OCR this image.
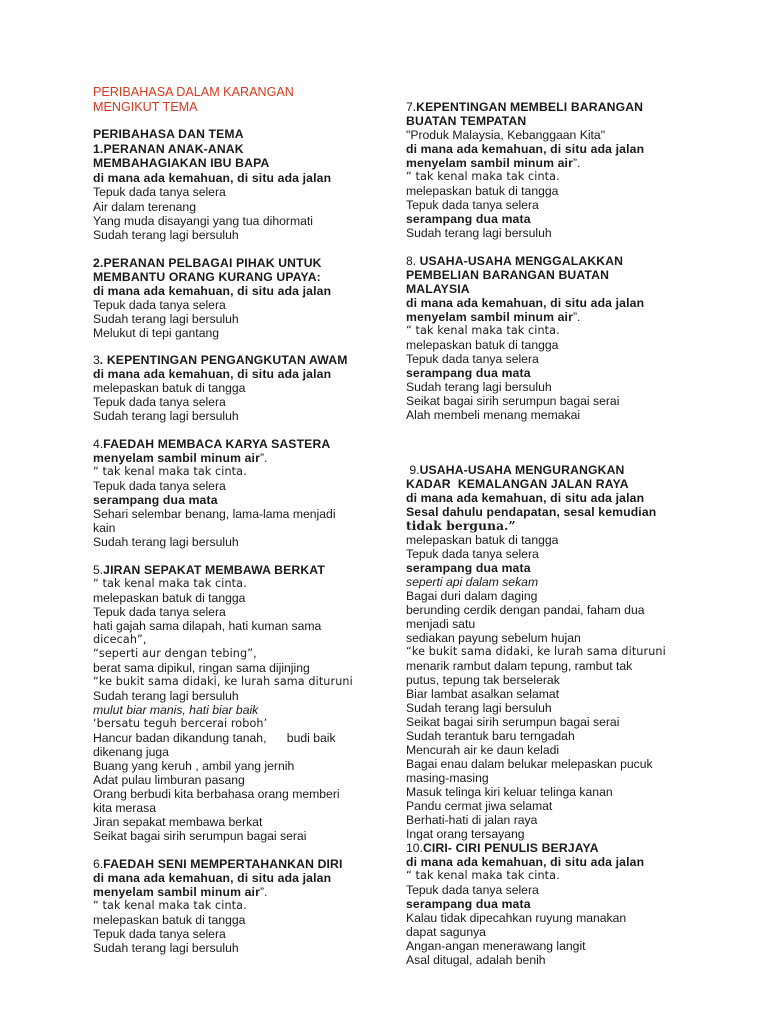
PERIBAHASA DALAM KARANGAN
MENGIKUT TEMA
PERIBAHASA DAN TEMA
1.PERANAN ANAK-ANAK
MEMBAHAGIAKAN IBU BAPA
di mana ada kemahuan, di situ ada jalan
Tepuk dada tanya selera
Air dalam terenang
Yang muda disayangi yang tua dihormati
Sudah terang lagi bersuluh
2.PERANAN PELBAGAI PIHAK UNTUK
MEMBANTU ORANG KURANG UPAYA:
di mana ada kemahuan, di situ ada jalan
Tepuk dada tanya selera
Sudah terang lagi bersuluh
Melukut di tepi gantang
3. KEPENTINGAN PENGANGKUTAN AWAM
di mana ada kemahuan, di situ ada jalan
melepaskan batuk di tangga
Tepuk dada tanya selera
Sudah terang lagi bersuluh
4.FAEDAH MEMBACA KARYA SASTERA
menyelam sambil minum air”.
“ tak kenal maka tak cinta.
Tepuk dada tanya selera
serampang dua mata
Sehari selembar benang, lama-lama menjadi
kain
Sudah terang lagi bersuluh
5.JIRAN SEPAKAT MEMBAWA BERKAT
“ tak kenal maka tak cinta.
melepaskan batuk di tangga
Tepuk dada tanya selera
hati gajah sama dilapah, hati kuman sama
dicecah”,
“seperti aur dengan tebing”,
berat sama dipikul, ringan sama dijinjing
“ke bukit sama didaki, ke lurah sama dituruni
Sudah terang lagi bersuluh
mulut biar manis, hati biar baik
‘bersatu teguh bercerai roboh’
Hancur badan dikandung tanah,      budi baik
dikenang juga
Buang yang keruh , ambil yang jernih
Adat pulau limburan pasang
Orang berbudi kita berbahasa orang memberi
kita merasa
Jiran sepakat membawa berkat
Seikat bagai sirih serumpun bagai serai
6.FAEDAH SENI MEMPERTAHANKAN DIRI
di mana ada kemahuan, di situ ada jalan
menyelam sambil minum air”.
“ tak kenal maka tak cinta.
melepaskan batuk di tangga
Tepuk dada tanya selera
Sudah terang lagi bersuluh
7.KEPENTINGAN MEMBELI BARANGAN
BUATAN TEMPATAN
"Produk Malaysia, Kebanggaan Kita"
di mana ada kemahuan, di situ ada jalan
menyelam sambil minum air”.
“ tak kenal maka tak cinta.
melepaskan batuk di tangga
Tepuk dada tanya selera
serampang dua mata
Sudah terang lagi bersuluh
8. USAHA-USAHA MENGGALAKKAN
PEMBELIAN BARANGAN BUATAN
MALAYSIA
di mana ada kemahuan, di situ ada jalan
menyelam sambil minum air”.
“ tak kenal maka tak cinta.
melepaskan batuk di tangga
Tepuk dada tanya selera
serampang dua mata
Sudah terang lagi bersuluh
Seikat bagai sirih serumpun bagai serai
Alah membeli menang memakai
9.USAHA-USAHA MENGURANGKAN
KADAR  KEMALANGAN JALAN RAYA
di mana ada kemahuan, di situ ada jalan
Sesal dahulu pendapatan, sesal kemudian
tidak berguna.”
melepaskan batuk di tangga
Tepuk dada tanya selera
serampang dua mata
seperti api dalam sekam
Bagai duri dalam daging
berunding cerdik dengan pandai, faham dua
menjadi satu
sediakan payung sebelum hujan
“ke bukit sama didaki, ke lurah sama dituruni
menarik rambut dalam tepung, rambut tak
putus, tepung tak berselerak
Biar lambat asalkan selamat
Sudah terang lagi bersuluh
Seikat bagai sirih serumpun bagai serai
Sudah terantuk baru terngadah
Mencurah air ke daun keladi
Bagai enau dalam belukar melepaskan pucuk
masing-masing
Masuk telinga kiri keluar telinga kanan
Pandu cermat jiwa selamat
Berhati-hati di jalan raya
Ingat orang tersayang
10.CIRI- CIRI PENULIS BERJAYA
di mana ada kemahuan, di situ ada jalan
“ tak kenal maka tak cinta.
Tepuk dada tanya selera
serampang dua mata
Kalau tidak dipecahkan ruyung manakan
dapat sagunya
Angan-angan menerawang langit
Asal ditugal, adalah benih
